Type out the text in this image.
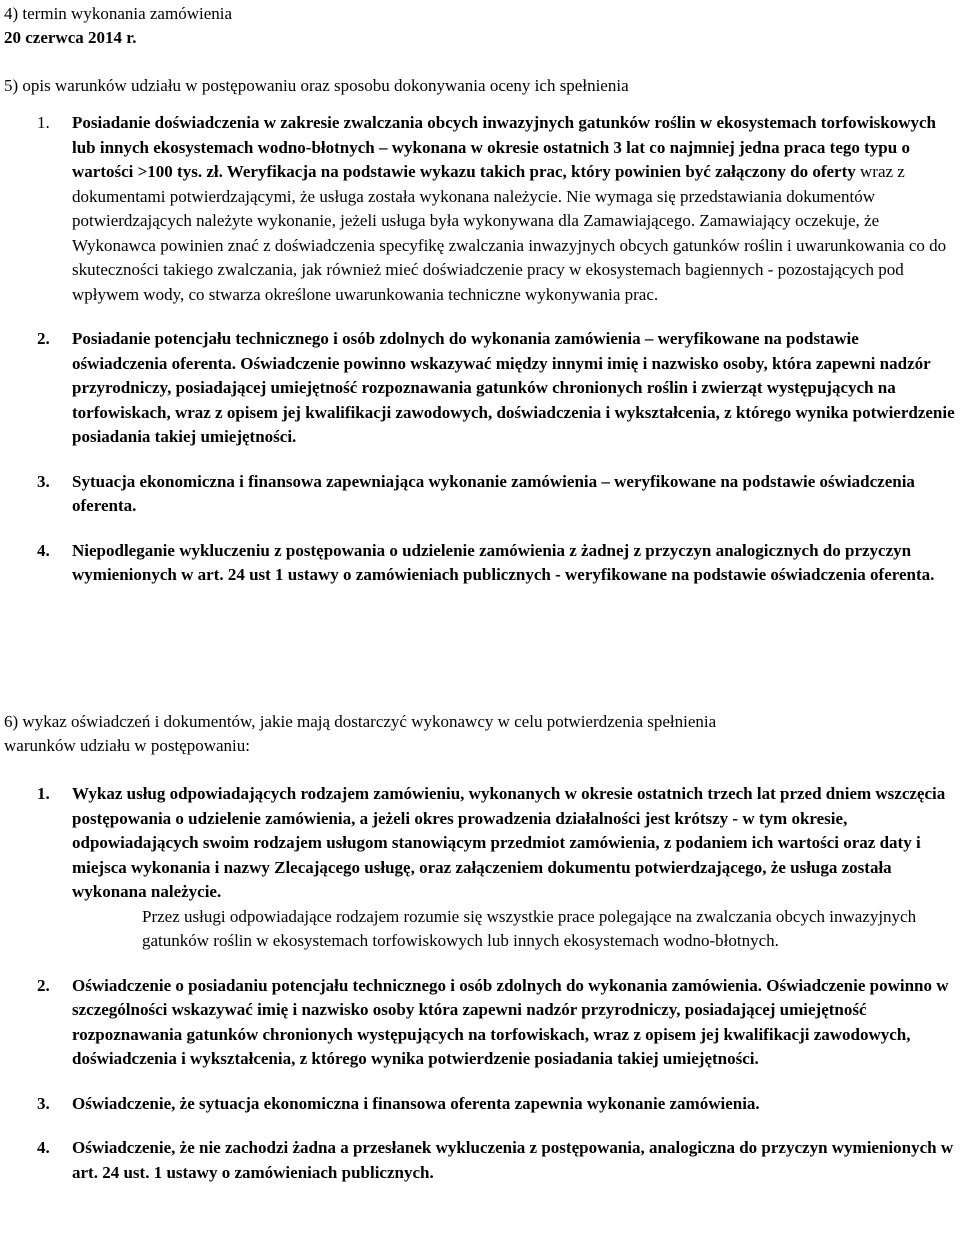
4) termin wykonania zamówienia
20 czerwca 2014 r.
5) opis warunków udziału w postępowaniu oraz sposobu dokonywania oceny ich spełnienia
1. Posiadanie doświadczenia w zakresie zwalczania obcych inwazyjnych gatunków roślin w ekosystemach torfowiskowych lub innych ekosystemach wodno-błotnych – wykonana w okresie ostatnich 3 lat co najmniej jedna praca tego typu o wartości >100 tys. zł. Weryfikacja na podstawie wykazu takich prac, który powinien być załączony do oferty wraz z dokumentami potwierdzającymi, że usługa została wykonana należycie. Nie wymaga się przedstawiania dokumentów potwierdzających należyte wykonanie, jeżeli usługa była wykonywana dla Zamawiającego. Zamawiający oczekuje, że Wykonawca powinien znać z doświadczenia specyfikę zwalczania inwazyjnych obcych gatunków roślin i uwarunkowania co do skuteczności takiego zwalczania, jak również mieć doświadczenie pracy w ekosystemach bagiennych - pozostających pod wpływem wody, co stwarza określone uwarunkowania techniczne wykonywania prac.
2. Posiadanie potencjału technicznego i osób zdolnych do wykonania zamówienia – weryfikowane na podstawie oświadczenia oferenta. Oświadczenie powinno wskazywać między innymi imię i nazwisko osoby, która zapewni nadzór przyrodniczy, posiadającej umiejętność rozpoznawania gatunków chronionych roślin i zwierząt występujących na torfowiskach, wraz z opisem jej kwalifikacji zawodowych, doświadczenia i wykształcenia, z którego wynika potwierdzenie posiadania takiej umiejętności.
3. Sytuacja ekonomiczna i finansowa zapewniająca wykonanie zamówienia – weryfikowane na podstawie oświadczenia oferenta.
4. Niepodleganie wykluczeniu z postępowania o udzielenie zamówienia z żadnej z przyczyn analogicznych do przyczyn wymienionych w art. 24 ust 1 ustawy o zamówieniach publicznych - weryfikowane na podstawie oświadczenia oferenta.
6) wykaz oświadczeń i dokumentów, jakie mają dostarczyć wykonawcy w celu potwierdzenia spełnienia
warunków udziału w postępowaniu:
1. Wykaz usług odpowiadających rodzajem zamówieniu, wykonanych w okresie ostatnich trzech lat przed dniem wszczęcia postępowania o udzielenie zamówienia, a jeżeli okres prowadzenia działalności jest krótszy - w tym okresie, odpowiadających swoim rodzajem usługom stanowiącym przedmiot zamówienia, z podaniem ich wartości oraz daty i miejsca wykonania i nazwy Zlecającego usługę, oraz załączeniem dokumentu potwierdzającego, że usługa została wykonana należycie.
Przez usługi odpowiadające rodzajem rozumie się wszystkie prace polegające na zwalczania obcych inwazyjnych gatunków roślin w ekosystemach torfowiskowych lub innych ekosystemach wodno-błotnych.
2. Oświadczenie o posiadaniu potencjału technicznego i osób zdolnych do wykonania zamówienia. Oświadczenie powinno w szczególności wskazywać imię i nazwisko osoby która zapewni nadzór przyrodniczy, posiadającej umiejętność rozpoznawania gatunków chronionych występujących na torfowiskach, wraz z opisem jej kwalifikacji zawodowych, doświadczenia i wykształcenia, z którego wynika potwierdzenie posiadania takiej umiejętności.
3. Oświadczenie, że sytuacja ekonomiczna i finansowa oferenta zapewnia wykonanie zamówienia.
4. Oświadczenie, że nie zachodzi żadna a przesłanek wykluczenia z postępowania, analogiczna do przyczyn wymienionych w art. 24 ust. 1 ustawy o zamówieniach publicznych.
